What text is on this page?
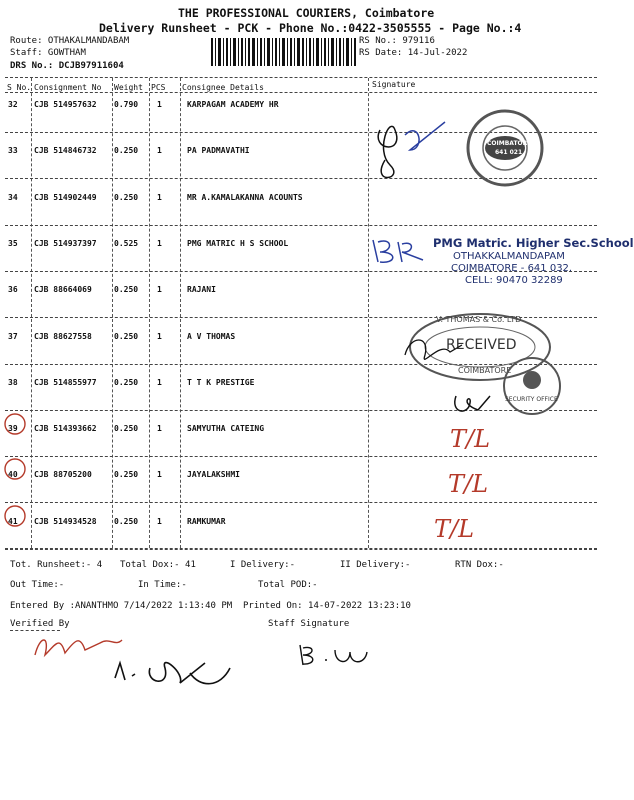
THE PROFESSIONAL COURIERS, Coimbatore
Delivery Runsheet - PCK - Phone No.:0422-3505555 - Page No.:4
Route: OTHAKALMANDABAM
Staff: GOWTHAM
DRS No.: DCJB97911604
RS No.: 979116
RS Date: 14-Jul-2022
S No. Consignment No Weight PCS Consignee Details	Signature
32 CJB 514957632 0.790 1	KARPAGAM ACADEMY HR
33 CJB 514846732 0.250 1	PA PADMAVATHI
34 CJB 514902449 0.250 1	MR A.KAMALAKANNA ACOUNTS
35 CJB 514937397 0.525 1	PMG MATRIC H S SCHOOL
36 CJB 88664069	0.250 1	RAJANI
37 CJB 88627558	0.250 1	A V THOMAS
38 CJB 514855977 0.250 1	T T K PRESTIGE
39 CJB 514393662 0.250 1	SAMYUTHA CATEING
40 CJB 88705200	0.250 1	JAYALAKSHMI
41 CJB 514934528 0.250 1	RAMKUMAR
Tot. Runsheet:- 4 Total Dox:- 41	I Delivery:-	II Delivery:-	RTN Dox:-
Out Time:-	In Time:-	Total POD:-
Entered By :ANANTHMO 7/14/2022 1:13:40 PM Printed On: 14-07-2022 13:23:10
Verified By	Staff Signature
COIMBATORE
641 021
PMG Matric. Higher Sec.School
OTHAKKALMANDAPAM
COIMBATORE - 641 032.
CELL: 90470 32289
V. THOMAS & Co. LTD
RECEIVED
COIMBATORE
SECURITY OFFICE
T/L
T/L
T/L
